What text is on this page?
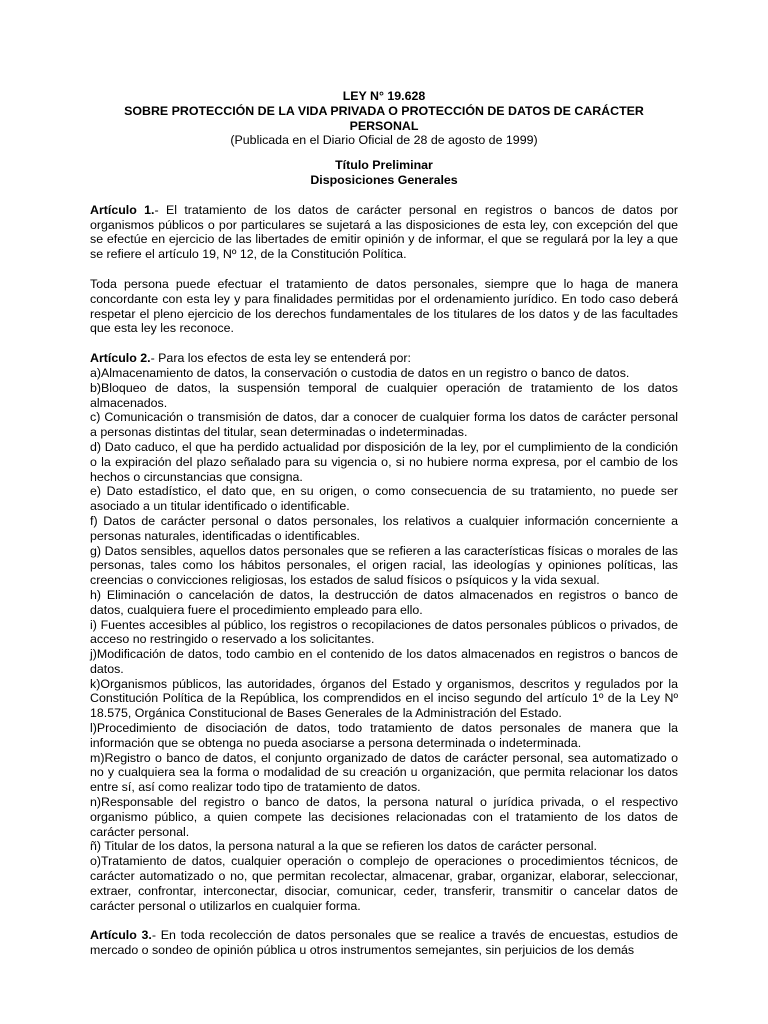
LEY N° 19.628
SOBRE PROTECCIÓN DE LA VIDA PRIVADA O PROTECCIÓN DE DATOS DE CARÁCTER
PERSONAL
(Publicada en el Diario Oficial de 28 de agosto de 1999)
Título Preliminar
Disposiciones Generales

Artículo 1.- El tratamiento de los datos de carácter personal en registros o bancos de datos por organismos públicos o por particulares se sujetará a las disposiciones de esta ley, con excepción del que se efectúe en ejercicio de las libertades de emitir opinión y de informar, el que se regulará por la ley a que se refiere el artículo 19, Nº 12, de la Constitución Política.

Toda persona puede efectuar el tratamiento de datos personales, siempre que lo haga de manera concordante con esta ley y para finalidades permitidas por el ordenamiento jurídico. En todo caso deberá respetar el pleno ejercicio de los derechos fundamentales de los titulares de los datos y de las facultades que esta ley les reconoce.

Artículo 2.- Para los efectos de esta ley se entenderá por:

a)Almacenamiento de datos, la conservación o custodia de datos en un registro o banco de datos.
b)Bloqueo de datos, la suspensión temporal de cualquier operación de tratamiento de los datos almacenados.
c) Comunicación o transmisión de datos, dar a conocer de cualquier forma los datos de carácter personal a personas distintas del titular, sean determinadas o indeterminadas.
d) Dato caduco, el que ha perdido actualidad por disposición de la ley, por el cumplimiento de la condición o la expiración del plazo señalado para su vigencia o, si no hubiere norma expresa, por el cambio de los hechos o circunstancias que consigna.
e) Dato estadístico, el dato que, en su origen, o como consecuencia de su tratamiento, no puede ser asociado a un titular identificado o identificable.
f) Datos de carácter personal o datos personales, los relativos a cualquier información concerniente a personas naturales, identificadas o identificables.
g) Datos sensibles, aquellos datos personales que se refieren a las características físicas o morales de las personas, tales como los hábitos personales, el origen racial, las ideologías y opiniones políticas, las creencias o convicciones religiosas, los estados de salud físicos o psíquicos y la vida sexual.
h) Eliminación o cancelación de datos, la destrucción de datos almacenados en registros o banco de datos, cualquiera fuere el procedimiento empleado para ello.
i) Fuentes accesibles al público, los registros o recopilaciones de datos personales públicos o privados, de acceso no restringido o reservado a los solicitantes.
j)Modificación de datos, todo cambio en el contenido de los datos almacenados en registros o bancos de datos.
k)Organismos públicos, las autoridades, órganos del Estado y organismos, descritos y regulados por la Constitución Política de la República, los comprendidos en el inciso segundo del artículo 1º de la Ley Nº 18.575, Orgánica Constitucional de Bases Generales de la Administración del Estado.
l)Procedimiento de disociación de datos, todo tratamiento de datos personales de manera que la información que se obtenga no pueda asociarse a persona determinada o indeterminada.
m)Registro o banco de datos, el conjunto organizado de datos de carácter personal, sea automatizado o no y cualquiera sea la forma o modalidad de su creación u organización, que permita relacionar los datos entre sí, así como realizar todo tipo de tratamiento de datos.
n)Responsable del registro o banco de datos, la persona natural o jurídica privada, o el respectivo organismo público, a quien compete las decisiones relacionadas con el tratamiento de los datos de carácter personal.
ñ) Titular de los datos, la persona natural a la que se refieren los datos de carácter personal.
o)Tratamiento de datos, cualquier operación o complejo de operaciones o procedimientos técnicos, de carácter automatizado o no, que permitan recolectar, almacenar, grabar, organizar, elaborar, seleccionar, extraer, confrontar, interconectar, disociar, comunicar, ceder, transferir, transmitir o cancelar datos de carácter personal o utilizarlos en cualquier forma.

Artículo 3.- En toda recolección de datos personales que se realice a través de encuestas, estudios de mercado o sondeo de opinión pública u otros instrumentos semejantes, sin perjuicios de los demás
